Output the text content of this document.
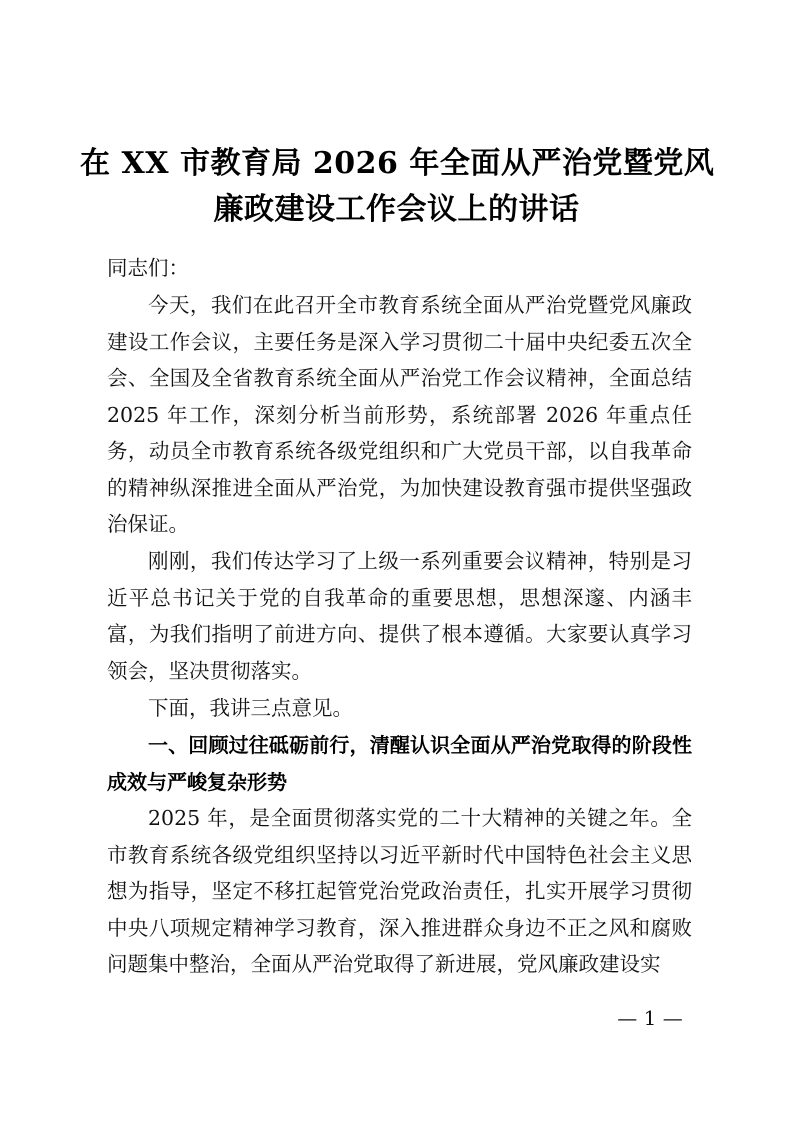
在 XX 市教育局 2026 年全面从严治党暨党风
廉政建设工作会议上的讲话

同志们：

今天，我们在此召开全市教育系统全面从严治党暨党风廉政建设工作会议，主要任务是深入学习贯彻二十届中央纪委五次全会、全国及全省教育系统全面从严治党工作会议精神，全面总结 2025 年工作，深刻分析当前形势，系统部署 2026 年重点任务，动员全市教育系统各级党组织和广大党员干部，以自我革命的精神纵深推进全面从严治党，为加快建设教育强市提供坚强政治保证。

刚刚，我们传达学习了上级一系列重要会议精神，特别是习近平总书记关于党的自我革命的重要思想，思想深邃、内涵丰富，为我们指明了前进方向、提供了根本遵循。大家要认真学习领会，坚决贯彻落实。

下面，我讲三点意见。

一、回顾过往砥砺前行，清醒认识全面从严治党取得的阶段性成效与严峻复杂形势

2025 年，是全面贯彻落实党的二十大精神的关键之年。全市教育系统各级党组织坚持以习近平新时代中国特色社会主义思想为指导，坚定不移扛起管党治党政治责任，扎实开展学习贯彻中央八项规定精神学习教育，深入推进群众身边不正之风和腐败问题集中整治，全面从严治党取得了新进展，党风廉政建设实

— 1 —
